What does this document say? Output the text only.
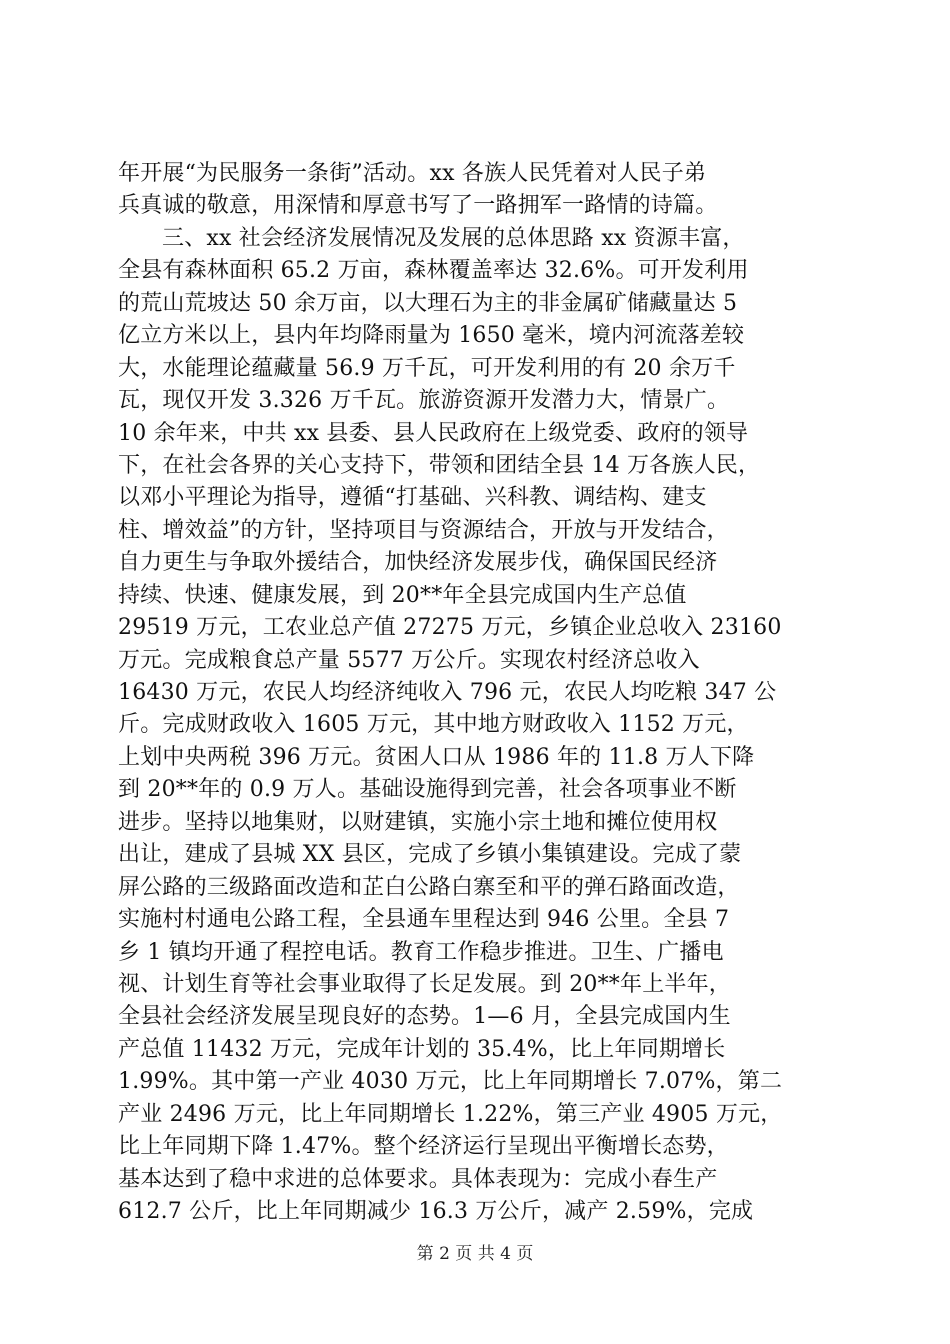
年开展“为民服务一条街”活动。xx 各族人民凭着对人民子弟
兵真诚的敬意，用深情和厚意书写了一路拥军一路情的诗篇。
三、xx 社会经济发展情况及发展的总体思路 xx 资源丰富，
全县有森林面积 65.2 万亩，森林覆盖率达 32.6%。可开发利用
的荒山荒坡达 50 余万亩，以大理石为主的非金属矿储藏量达 5
亿立方米以上，县内年均降雨量为 1650 毫米，境内河流落差较
大，水能理论蕴藏量 56.9 万千瓦，可开发利用的有 20 余万千
瓦，现仅开发 3.326 万千瓦。旅游资源开发潜力大，情景广。
10 余年来，中共 xx 县委、县人民政府在上级党委、政府的领导
下，在社会各界的关心支持下，带领和团结全县 14 万各族人民，
以邓小平理论为指导，遵循“打基础、兴科教、调结构、建支
柱、增效益”的方针，坚持项目与资源结合，开放与开发结合，
自力更生与争取外援结合，加快经济发展步伐，确保国民经济
持续、快速、健康发展，到 20**年全县完成国内生产总值
29519 万元，工农业总产值 27275 万元，乡镇企业总收入 23160
万元。完成粮食总产量 5577 万公斤。实现农村经济总收入
16430 万元，农民人均经济纯收入 796 元，农民人均吃粮 347 公
斤。完成财政收入 1605 万元，其中地方财政收入 1152 万元，
上划中央两税 396 万元。贫困人口从 1986 年的 11.8 万人下降
到 20**年的 0.9 万人。基础设施得到完善，社会各项事业不断
进步。坚持以地集财，以财建镇，实施小宗土地和摊位使用权
出让，建成了县城 XX 县区，完成了乡镇小集镇建设。完成了蒙
屏公路的三级路面改造和芷白公路白寨至和平的弹石路面改造，
实施村村通电公路工程，全县通车里程达到 946 公里。全县 7
乡 1 镇均开通了程控电话。教育工作稳步推进。卫生、广播电
视、计划生育等社会事业取得了长足发展。到 20**年上半年，
全县社会经济发展呈现良好的态势。1—6 月，全县完成国内生
产总值 11432 万元，完成年计划的 35.4%，比上年同期增长
1.99%。其中第一产业 4030 万元，比上年同期增长 7.07%，第二
产业 2496 万元，比上年同期增长 1.22%，第三产业 4905 万元，
比上年同期下降 1.47%。整个经济运行呈现出平衡增长态势，
基本达到了稳中求进的总体要求。具体表现为：完成小春生产
612.7 公斤，比上年同期减少 16.3 万公斤，减产 2.59%，完成
第 2 页 共 4 页
